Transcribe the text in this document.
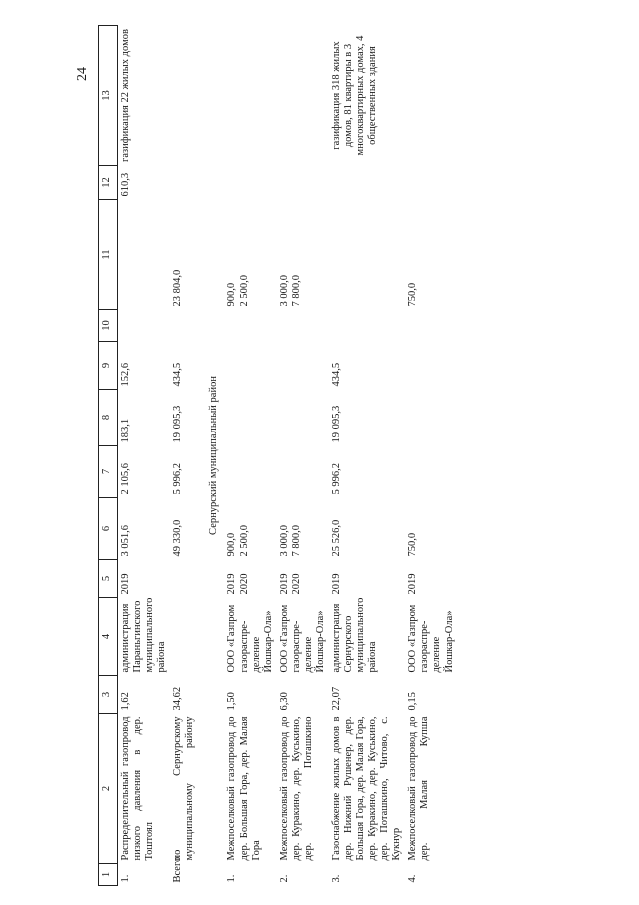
24
1	2	3	4	5	6	7	8	9	10	11	12	13
1.	Распределительный газопровод низкого давления в дер. Тоштоял	1,62	администрация Параньгинского муниципального района	2019	3 051,6	2 105,6	183,1	152,6			610,3	газификация 22 жилых домов
Всего	по Сернурскому муниципальному району	34,62			49 330,0	5 996,2	19 095,3	434,5		23 804,0		

Сернурский муниципальный район												
1.	Межпоселковый газопровод до дер. Большая Гора, дер. Малая Гора	1,50	ООО «Газпром газораспре-деление Йошкар-Ола»	2019 2020	900,0 2 500,0					900,0 2 500,0		

2.	Межпоселковый газопровод до дер. Куракино, дер. Куськино, дер. Поташкино	6,30	ООО «Газпром газораспре-деление Йошкар-Ола»	2019 2020	3 000,0 7 800,0					3 000,0 7 800,0		

3.	Газоснабжение жилых домов в дер. Нижний Рушенер, дер. Большая Гора, дер. Малая Гора, дер. Куракино, дер. Куськино, дер. Поташкино, Читово, с. Кукнур	22,07	администрация Сернурского муниципального района	2019	25 526,0	5 996,2	19 095,3	434,5				газификация 318 жилых домов, 81 квартиры в 3 многоквартирных домах, 4 общественных здания
4.	Межпоселковый газопровод до дер. Малая Купша	0,15	ООО «Газпром газораспре-деление Йошкар-Ола»	2019	750,0					750,0		
